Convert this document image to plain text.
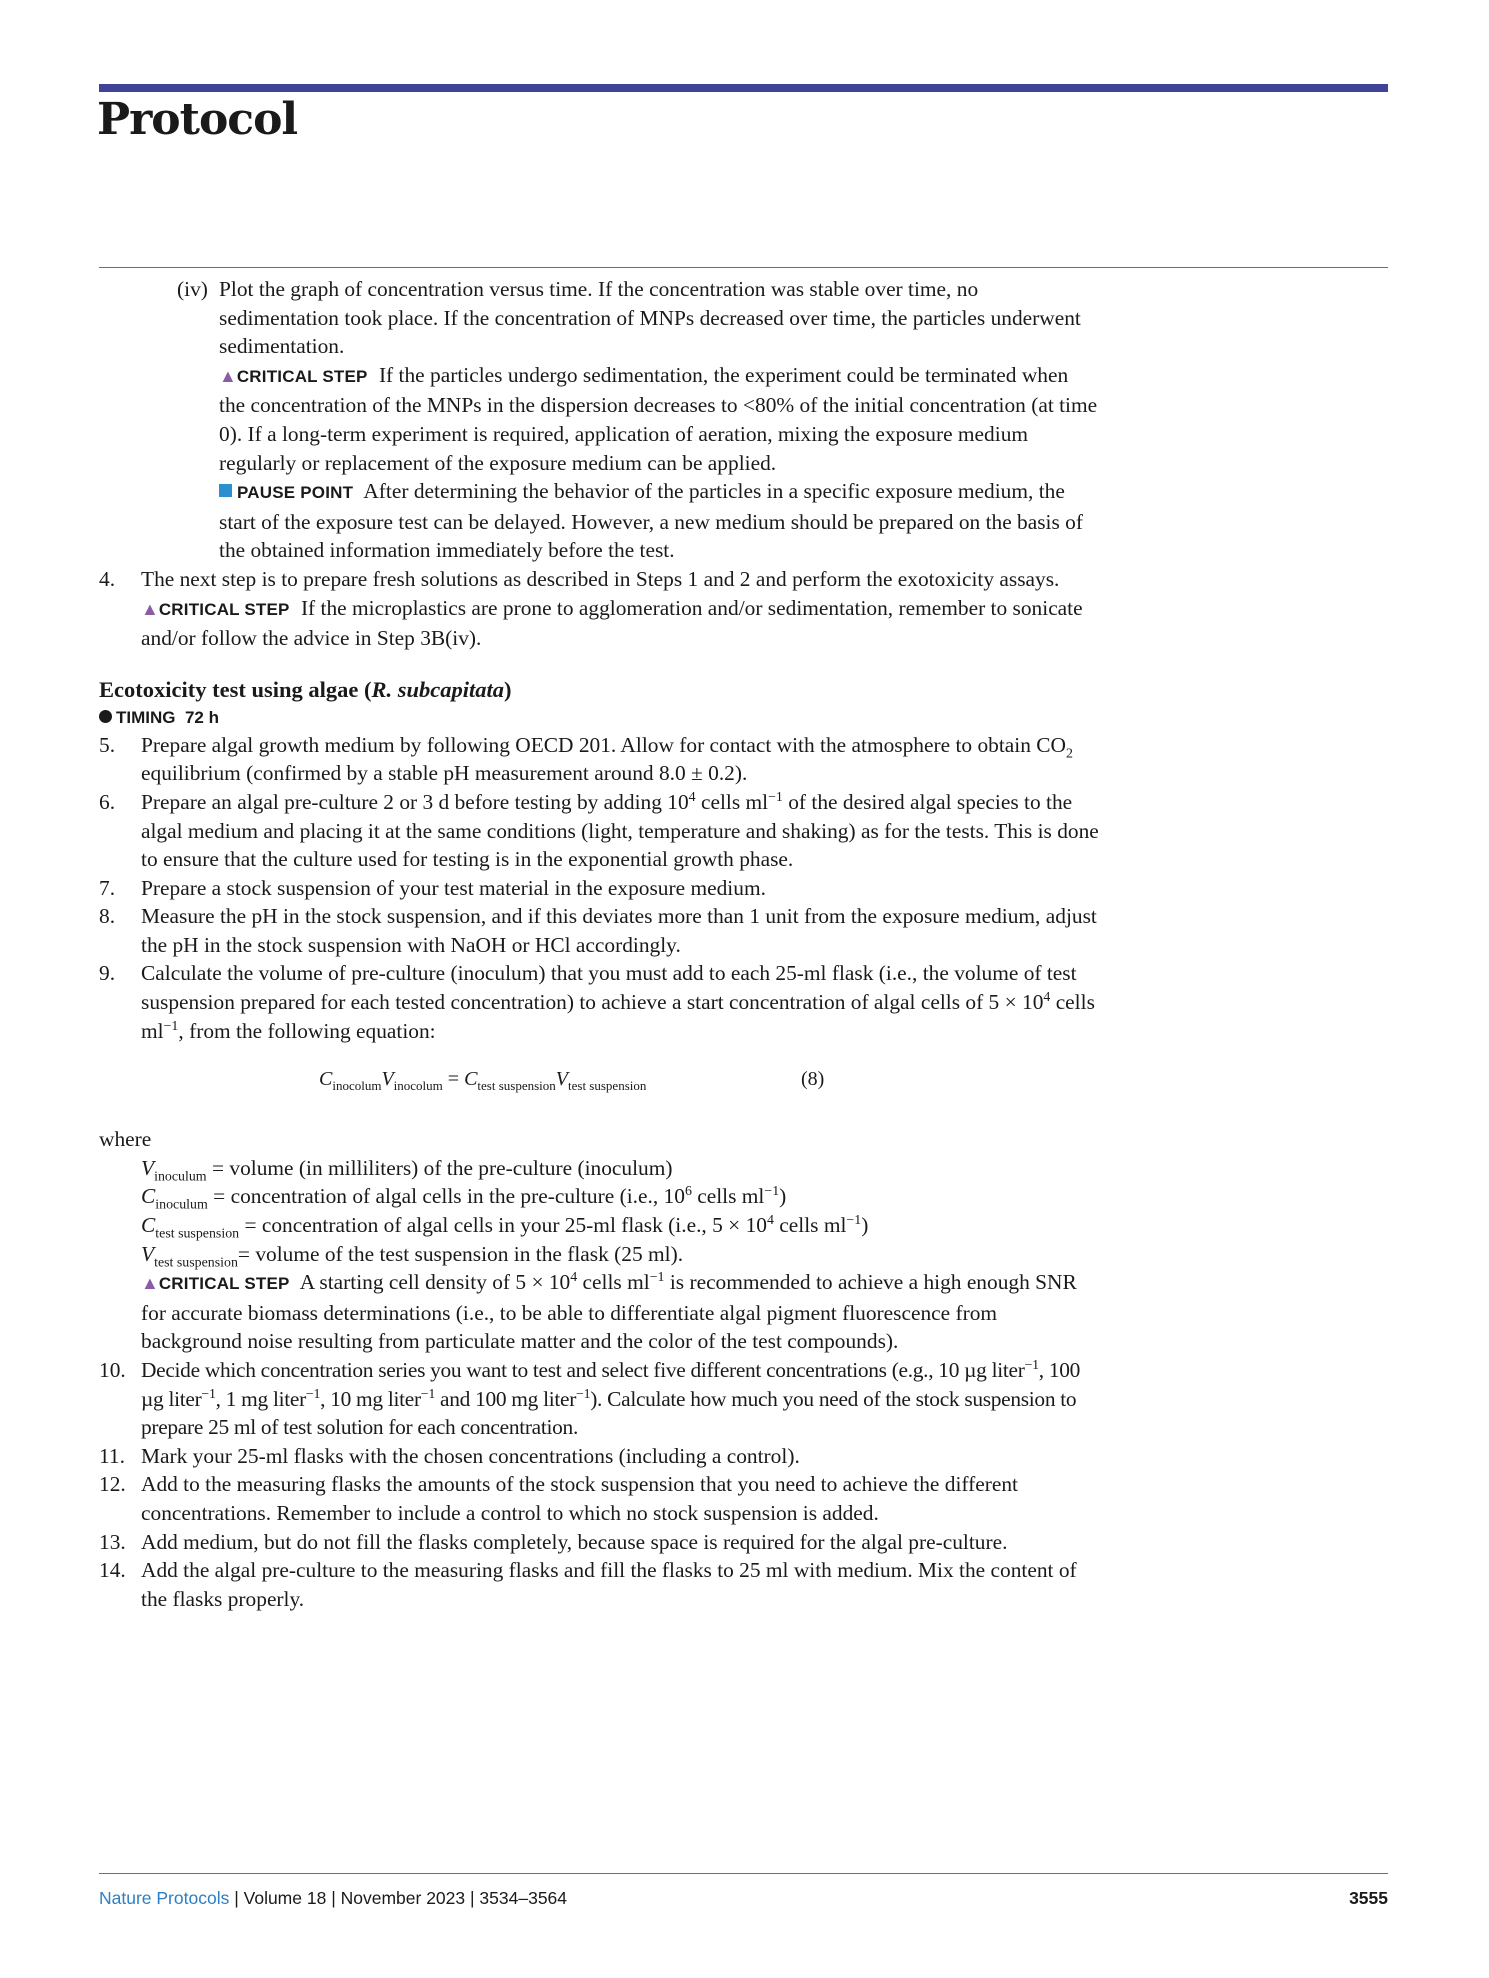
Protocol
(iv) Plot the graph of concentration versus time. If the concentration was stable over time, no sedimentation took place. If the concentration of MNPs decreased over time, the particles underwent sedimentation.

▲CRITICAL STEP If the particles undergo sedimentation, the experiment could be terminated when the concentration of the MNPs in the dispersion decreases to <80% of the initial concentration (at time 0). If a long-term experiment is required, application of aeration, mixing the exposure medium regularly or replacement of the exposure medium can be applied.

PAUSE POINT After determining the behavior of the particles in a specific exposure medium, the start of the exposure test can be delayed. However, a new medium should be prepared on the basis of the obtained information immediately before the test.

4.	The next step is to prepare fresh solutions as described in Steps 1 and 2 and perform the exotoxicity assays.

▲CRITICAL STEP If the microplastics are prone to agglomeration and/or sedimentation, remember to sonicate and/or follow the advice in Step 3B(iv).

Ecotoxicity test using algae (R. subcapitata)

TIMING 72 h

5.	Prepare algal growth medium by following OECD 201. Allow for contact with the atmosphere to obtain $CO_2$ equilibrium (confirmed by a stable pH measurement around 8.0 ± 0.2).

6.	Prepare an algal pre-culture 2 or 3 d before testing by adding $10^4$ cells $ml^{-1}$ of the desired algal species to the algal medium and placing it at the same conditions (light, temperature and shaking) as for the tests. This is done to ensure that the culture used for testing is in the exponential growth phase.

7.	Prepare a stock suspension of your test material in the exposure medium.

8.	Measure the pH in the stock suspension, and if this deviates more than 1 unit from the exposure medium, adjust the pH in the stock suspension with NaOH or HCl accordingly.

9.	Calculate the volume of pre-culture (inoculum) that you must add to each 25-ml flask (i.e., the volume of test suspension prepared for each tested concentration) to achieve a start concentration of algal cells of $5 \times 10^4$ cells $ml^{-1}$, from the following equation:

$C_{inocolum}V_{inocolum} = C_{test suspension}V_{test suspension}$	(8)

where

$V_{inoculum}$ = volume (in milliliters) of the pre-culture (inoculum)

$C_{inoculum}$ = concentration of algal cells in the pre-culture (i.e., $10^6$ cells $ml^{-1}$)

$C_{test suspension}$ = concentration of algal cells in your 25-ml flask (i.e., $5 \times 10^4$ cells $ml^{-1}$)

$V_{test suspension}=$ volume of the test suspension in the flask (25 ml).

▲CRITICAL STEP A starting cell density of $5 \times 10^4$ cells $ml^{-1}$ is recommended to achieve a high enough SNR for accurate biomass determinations (i.e., to be able to differentiate algal pigment fluorescence from background noise resulting from particulate matter and the color of the test compounds).

10. Decide which concentration series you want to test and select five different concentrations (e.g., 10 µg liter$^{-1}$, 100 µg liter$^{-1}$, 1 mg liter$^{-1}$, 10 mg liter$^{-1}$ and 100 mg liter$^{-1}$). Calculate how much you need of the stock suspension to prepare 25 ml of test solution for each concentration.

11. Mark your 25-ml flasks with the chosen concentrations (including a control).

12. Add to the measuring flasks the amounts of the stock suspension that you need to achieve the different concentrations. Remember to include a control to which no stock suspension is added.

13. Add medium, but do not fill the flasks completely, because space is required for the algal pre-culture.

14. Add the algal pre-culture to the measuring flasks and fill the flasks to 25 ml with medium. Mix the content of the flasks properly.

Nature Protocols | Volume 18 | November 2023 | 3534–3564	3555
